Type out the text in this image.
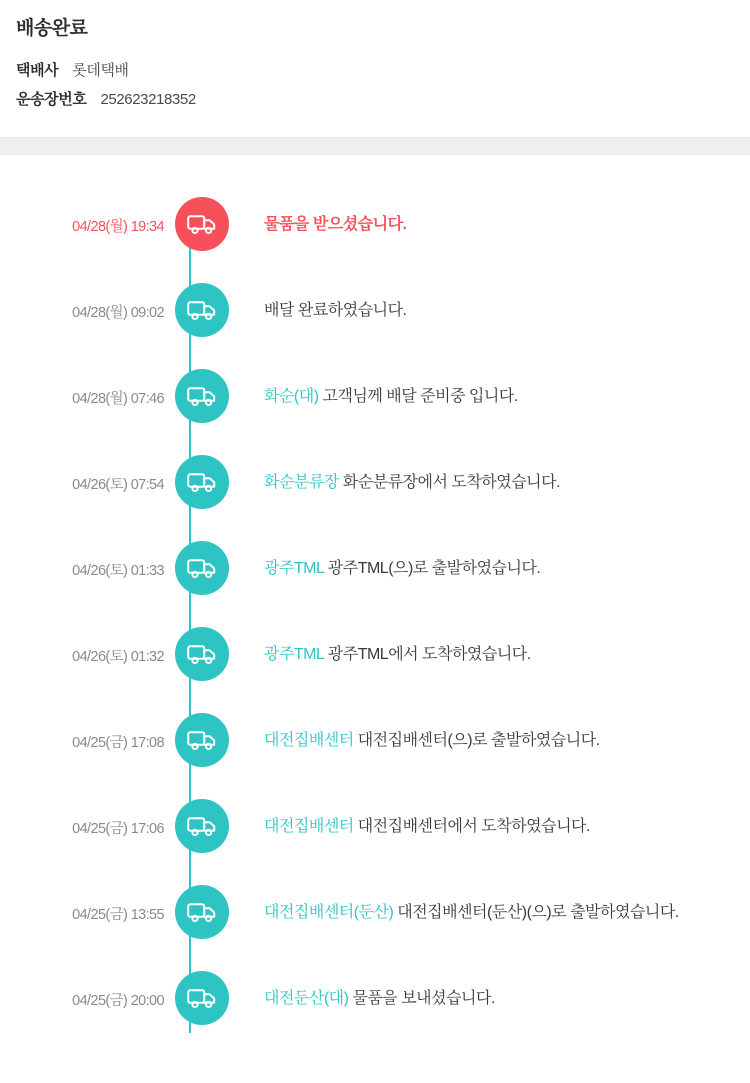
배송완료
택배사 롯데택배
운송장번호 252623218352
04/28(월) 19:34	물품을 받으셨습니다.
04/28(월) 09:02	배달 완료하였습니다.
04/28(월) 07:46	화순(대) 고객님께 배달 준비중 입니다.
04/26(토) 07:54	화순분류장 화순분류장에서 도착하였습니다.
04/26(토) 01:33	광주TML 광주TML(으)로 출발하였습니다.
04/26(토) 01:32	광주TML 광주TML에서 도착하였습니다.
04/25(금) 17:08	대전집배센터 대전집배센터(으)로 출발하였습니다.
04/25(금) 17:06	대전집배센터 대전집배센터에서 도착하였습니다.
04/25(금) 13:55	대전집배센터(둔산) 대전집배센터(둔산)(으)로 출발하였습니다.
04/25(금) 20:00	대전둔산(대) 물품을 보내셨습니다.
